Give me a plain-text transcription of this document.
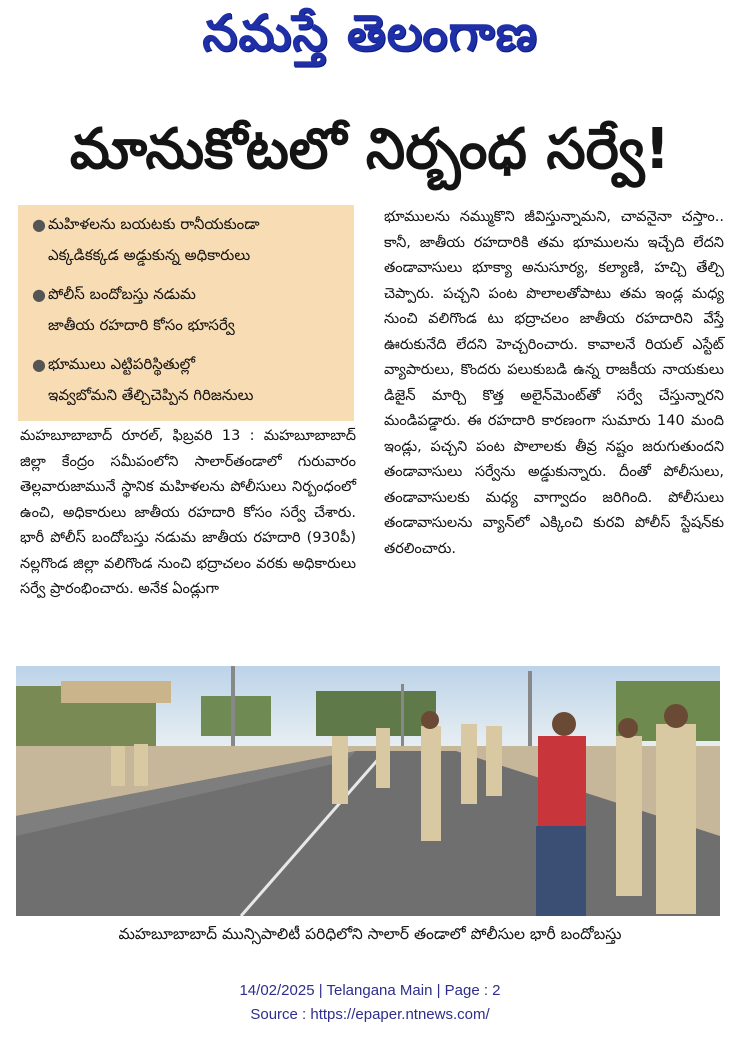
నమస్తే తెలంగాణ
మానుకోటలో నిర్బంధ సర్వే!
● మహిళలను బయటకు రానీయకుండా
ఎక్కడికక్కడ అడ్డుకున్న అధికారులు
● పోలీస్ బందోబస్తు నడుమ
జాతీయ రహదారి కోసం భూసర్వే
● భూములు ఎట్టిపరిస్థితుల్లో
ఇవ్వబోమని తేల్చిచెప్పిన గిరిజనులు
మహబూబాబాద్ రూరల్, ఫిబ్రవరి 13 : మహబూబాబాద్ జిల్లా కేంద్రం సమీపంలోని సాలార్‌తండాలో గురువారం తెల్లవారుజామునే స్థానిక మహిళలను పోలీసులు నిర్బంధంలో ఉంచి, అధికారులు జాతీయ రహదారి కోసం సర్వే చేశారు. భారీ పోలీస్ బందోబస్తు నడుమ జాతీయ రహదారి (930పీ) నల్లగొండ జిల్లా వలిగొండ నుంచి భద్రాచలం వరకు అధికారులు సర్వే ప్రారంభించారు. అనేక ఏండ్లుగా
భూములను నమ్ముకొని జీవిస్తున్నామని, చావనైనా చస్తాం.. కానీ, జాతీయ రహదారికి తమ భూములను ఇచ్చేది లేదని తండావాసులు భూక్యా అనుసూర్య, కల్యాణి, హచ్చి తేల్చి చెప్పారు. పచ్చని పంట పొలాలతోపాటు తమ ఇండ్ల మధ్య నుంచి వలిగొండ టు భద్రాచలం జాతీయ రహదారిని వేస్తే ఊరుకునేది లేదని హెచ్చరించారు. కావాలనే రియల్ ఎస్టేట్ వ్యాపారులు, కొందరు పలుకుబడి ఉన్న రాజకీయ నాయకులు డిజైన్ మార్చి కొత్త అలైన్‌మెంట్‌తో సర్వే చేస్తున్నారని మండిపడ్డారు. ఈ రహదారి కారణంగా సుమారు 140 మంది ఇండ్లు, పచ్చని పంట పొలాలకు తీవ్ర నష్టం జరుగుతుందని తండావాసులు సర్వేను అడ్డుకున్నారు. దీంతో పోలీసులు, తండావాసులకు మధ్య వాగ్వాదం జరిగింది. పోలీసులు తండావాసులను వ్యాన్‌లో ఎక్కించి కురవి పోలీస్ స్టేషన్‌కు తరలించారు.
మహబూబాబాద్ మున్సిపాలిటీ పరిధిలోని సాలార్ తండాలో పోలీసుల భారీ బందోబస్తు
14/02/2025 | Telangana Main | Page : 2
Source : https://epaper.ntnews.com/
